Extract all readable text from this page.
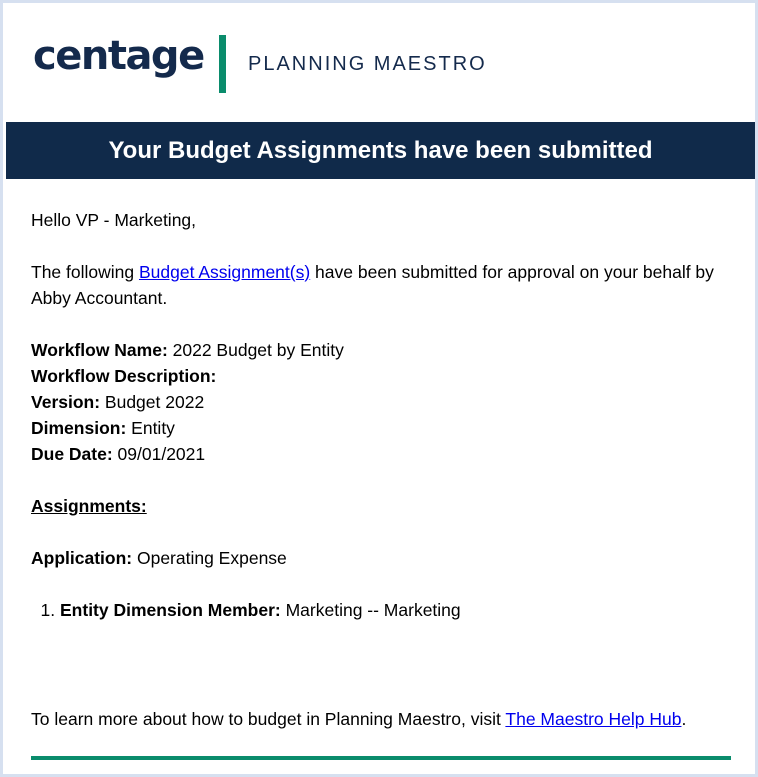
centage PLANNING MAESTRO
Your Budget Assignments have been submitted

Hello VP - Marketing,

The following Budget Assignment(s) have been submitted for approval on your behalf by Abby Accountant.

Workflow Name: 2022 Budget by Entity

Workflow Description:

Version: Budget 2022

Dimension: Entity

Due Date: 09/01/2021

Assignments:

Application: Operating Expense

1. Entity Dimension Member: Marketing -- Marketing
To learn more about how to budget in Planning Maestro, visit The Maestro Help Hub.
